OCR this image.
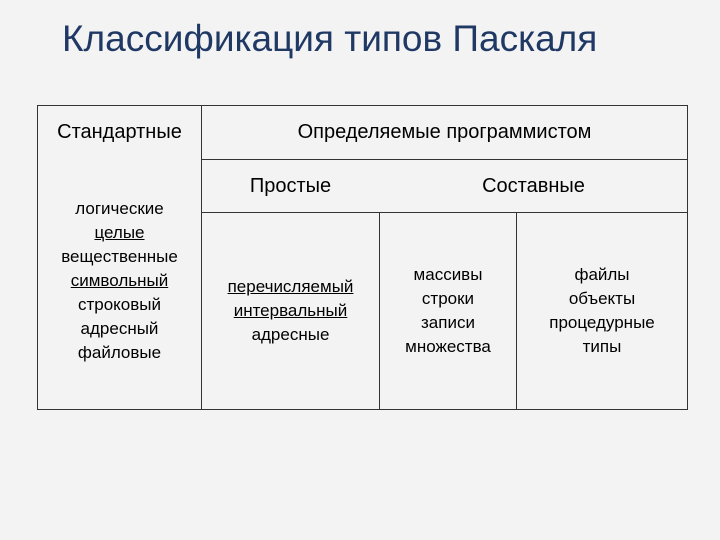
Классификация типов Паскаля
Стандартные	Определяемые программистом
Простые	Составные
логические
целые
вещественные
символьный
строковый
адресный
файловые
перечисляемый
интервальный
адресные
массивы
строки
записи
множества
файлы
объекты
процедурные
типы
